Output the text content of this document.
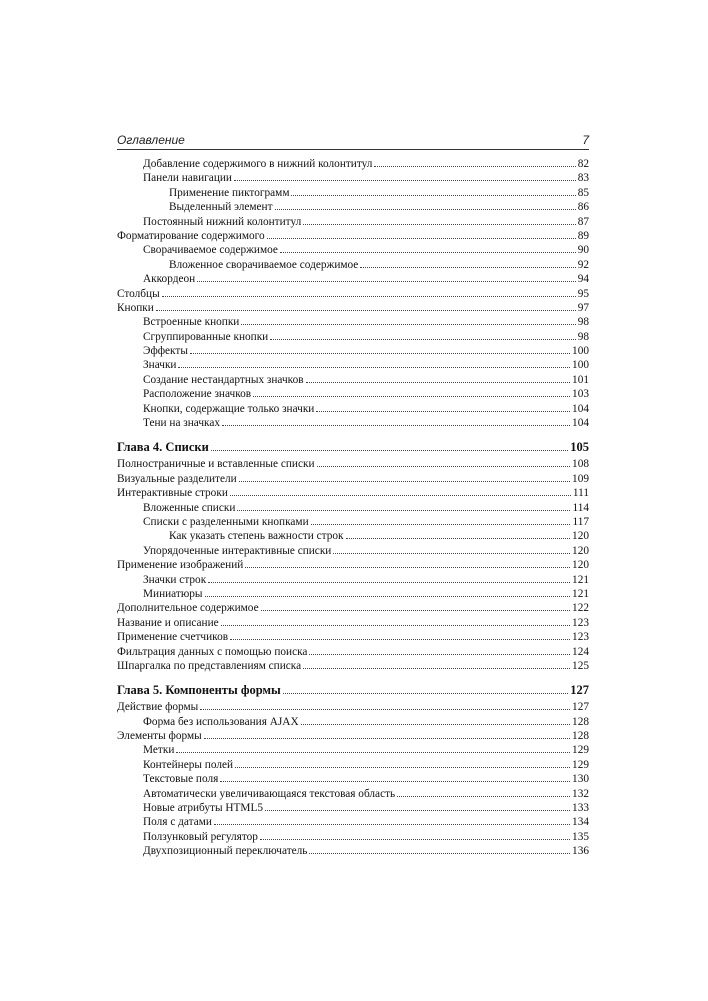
Оглавление	7
Добавление содержимого в нижний колонтитул	82
Панели навигации	83
Применение пиктограмм	85
Выделенный элемент	86
Постоянный нижний колонтитул	87
Форматирование содержимого	89
Сворачиваемое содержимое	90
Вложенное сворачиваемое содержимое	92
Аккордеон	94
Столбцы	95
Кнопки	97
Встроенные кнопки	98
Сгруппированные кнопки	98
Эффекты	100
Значки	100
Создание нестандартных значков	101
Расположение значков	103
Кнопки, содержащие только значки	104
Тени на значках	104
Глава 4. Списки	105
Полностраничные и вставленные списки	108
Визуальные разделители	109
Интерактивные строки	111
Вложенные списки	114
Списки с разделенными кнопками	117
Как указать степень важности строк	120
Упорядоченные интерактивные списки	120
Применение изображений	120
Значки строк	121
Миниатюры	121
Дополнительное содержимое	122
Название и описание	123
Применение счетчиков	123
Фильтрация данных с помощью поиска	124
Шпаргалка по представлениям списка	125
Глава 5. Компоненты формы	127
Действие формы	127
Форма без использования AJAX	128
Элементы формы	128
Метки	129
Контейнеры полей	129
Текстовые поля	130
Автоматически увеличивающаяся текстовая область	132
Новые атрибуты HTML5	133
Поля с датами	134
Ползунковый регулятор	135
Двухпозиционный переключатель	136
